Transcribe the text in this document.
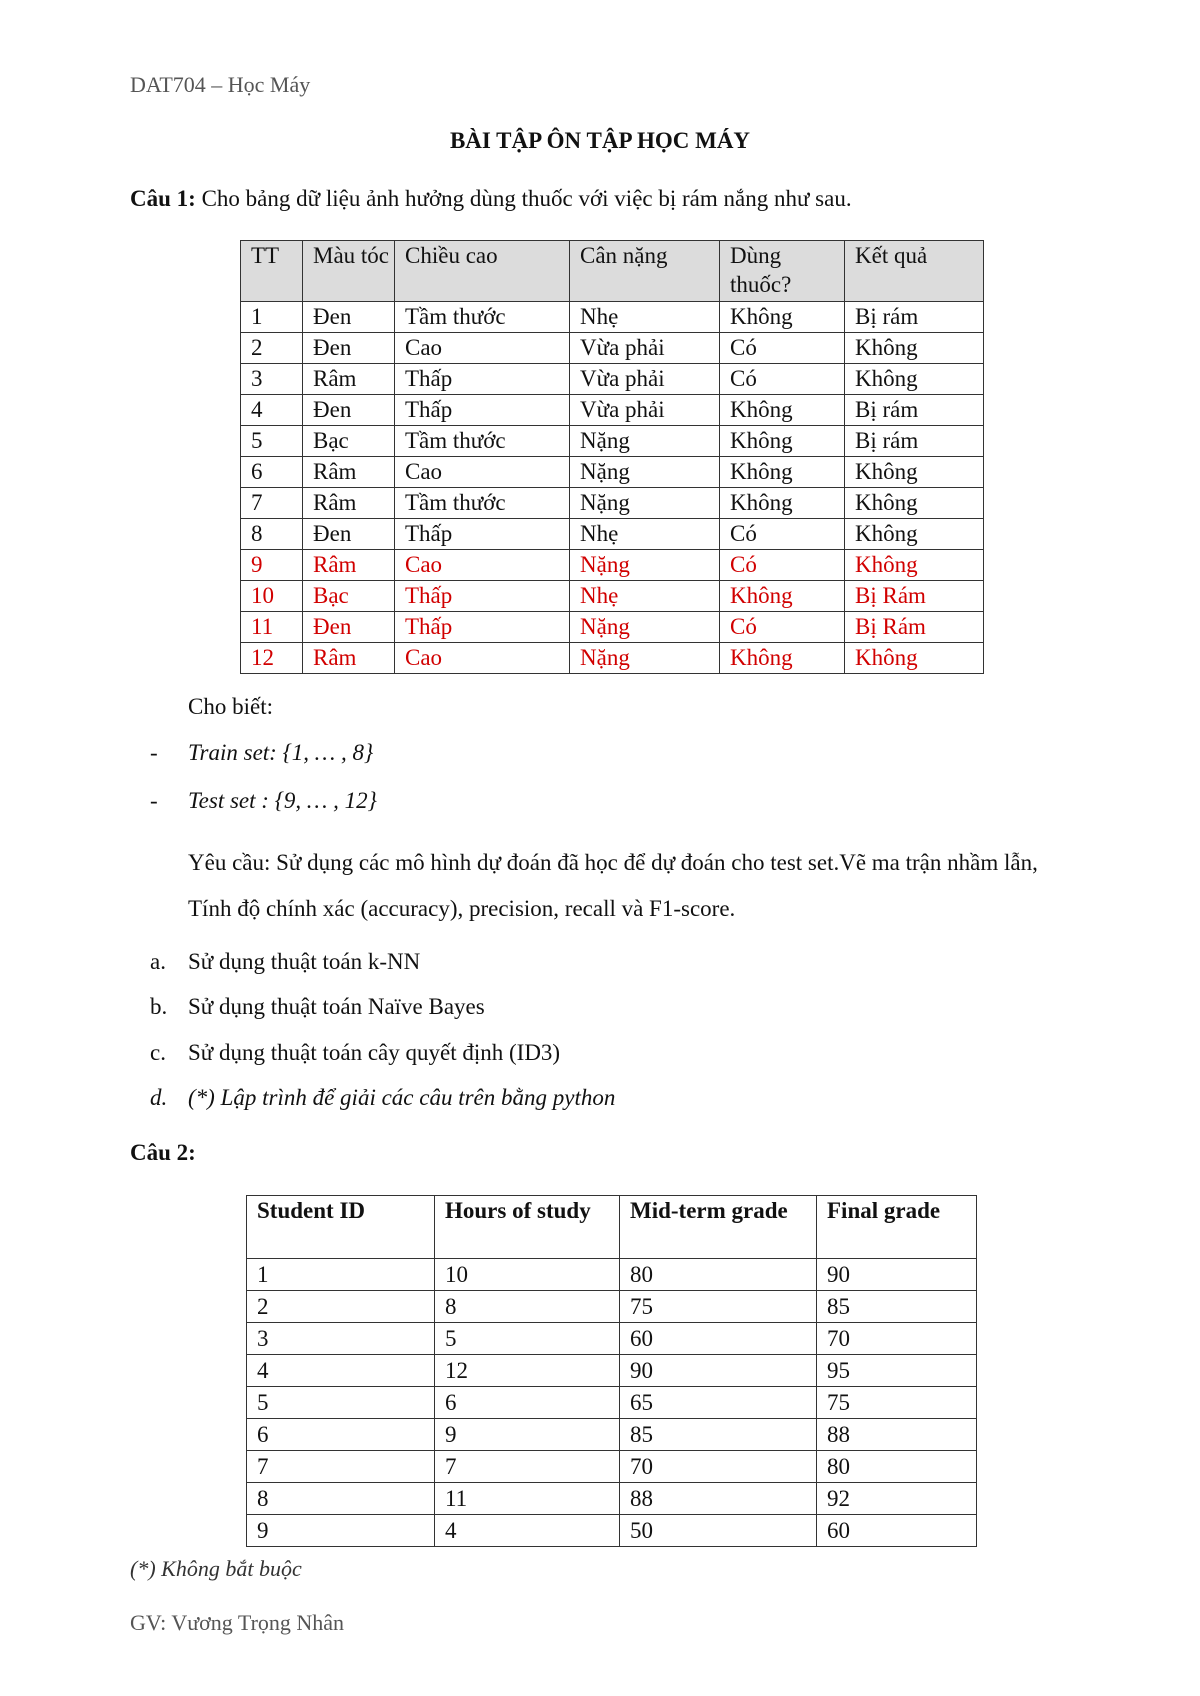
DAT704 – Học Máy
BÀI TẬP ÔN TẬP HỌC MÁY
Câu 1: Cho bảng dữ liệu ảnh hưởng dùng thuốc với việc bị rám nắng như sau.
TT	Màu tóc	Chiều cao	Cân nặng	Dùng thuốc?	Kết quả
1	Đen	Tầm thước	Nhẹ	Không	Bị rám
2	Đen	Cao	Vừa phải	Có	Không
3	Râm	Thấp	Vừa phải	Có	Không
4	Đen	Thấp	Vừa phải	Không	Bị rám
5	Bạc	Tầm thước	Nặng	Không	Bị rám
6	Râm	Cao	Nặng	Không	Không
7	Râm	Tầm thước	Nặng	Không	Không
8	Đen	Thấp	Nhẹ	Có	Không
9	Râm	Cao	Nặng	Có	Không
10	Bạc	Thấp	Nhẹ	Không	Bị Rám
11	Đen	Thấp	Nặng	Có	Bị Rám
12	Râm	Cao	Nặng	Không	Không
Cho biết:
- Train set: {1, … , 8}
- Test set : {9, … , 12}
Yêu cầu: Sử dụng các mô hình dự đoán đã học để dự đoán cho test set.Vẽ ma trận nhầm lẫn, Tính độ chính xác (accuracy), precision, recall và F1-score.
a. Sử dụng thuật toán k-NN
b. Sử dụng thuật toán Naïve Bayes
c. Sử dụng thuật toán cây quyết định (ID3)
d. (*) Lập trình để giải các câu trên bằng python
Câu 2:
Student ID	Hours of study	Mid-term grade	Final grade
1	10	80	90
2	8	75	85
3	5	60	70
4	12	90	95
5	6	65	75
6	9	85	88
7	7	70	80
8	11	88	92
9	4	50	60
(*) Không bắt buộc
GV: Vương Trọng Nhân
